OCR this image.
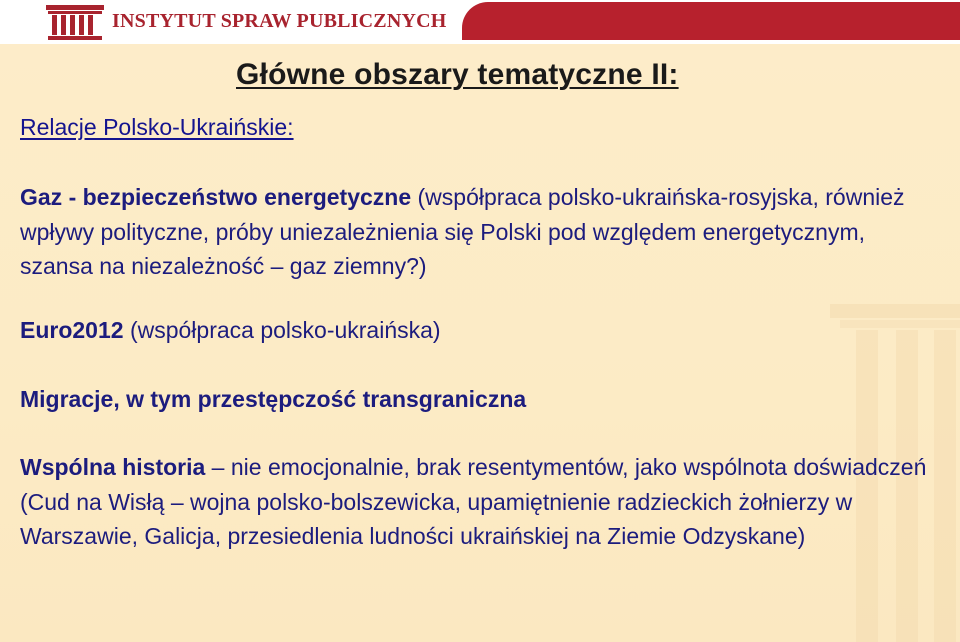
INSTYTUT SPRAW PUBLICZNYCH
Główne obszary tematyczne II:
Relacje Polsko-Ukraińskie:

Gaz - bezpieczeństwo energetyczne (współpraca polsko-ukraińska-rosyjska, również wpływy polityczne, próby uniezależnienia się Polski pod względem energetycznym, szansa na niezależność – gaz ziemny?)

Euro2012 (współpraca polsko-ukraińska)

Migracje, w tym przestępczość transgraniczna

Wspólna historia – nie emocjonalnie, brak resentymentów, jako wspólnota doświadczeń (Cud na Wisłą – wojna polsko-bolszewicka, upamiętnienie radzieckich żołnierzy w Warszawie, Galicja, przesiedlenia ludności ukraińskiej na Ziemie Odzyskane)
